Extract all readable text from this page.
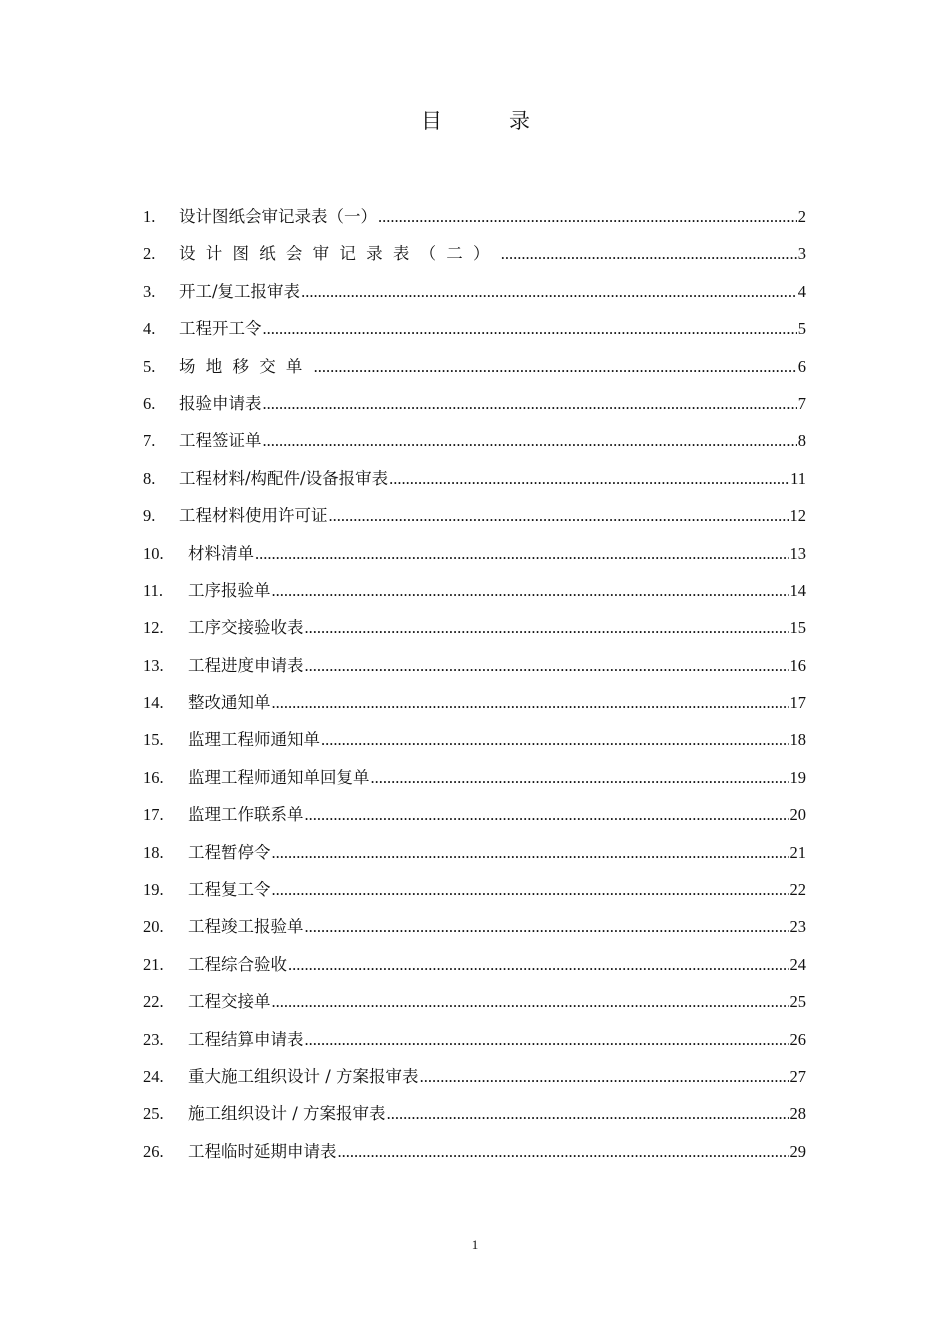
目	录
1. 设计图纸会审记录表（一） .....	2
2. 设计图纸会审记录表（二） .....	3
3. 开工/复工报审表 .....	4
4. 工程开工令 .....	5
5. 场地移交单 .....	6
6. 报验申请表 .....	7
7. 工程签证单 .....	8
8. 工程材料/构配件/设备报审表 .....	11
9. 工程材料使用许可证 .....	12
10. 材料清单 .....	13
11. 工序报验单 .....	14
12. 工序交接验收表 .....	15
13. 工程进度申请表 .....	16
14. 整改通知单 .....	17
15. 监理工程师通知单 .....	18
16. 监理工程师通知单回复单 .....	19
17. 监理工作联系单 .....	20
18. 工程暂停令 .....	21
19. 工程复工令 .....	22
20. 工程竣工报验单 .....	23
21. 工程综合验收 .....	24
22. 工程交接单 .....	25
23. 工程结算申请表 .....	26
24. 重大施工组织设计 / 方案报审表 .....	27
25. 施工组织设计 / 方案报审表 .....	28
26. 工程临时延期申请表 .....	29
1
